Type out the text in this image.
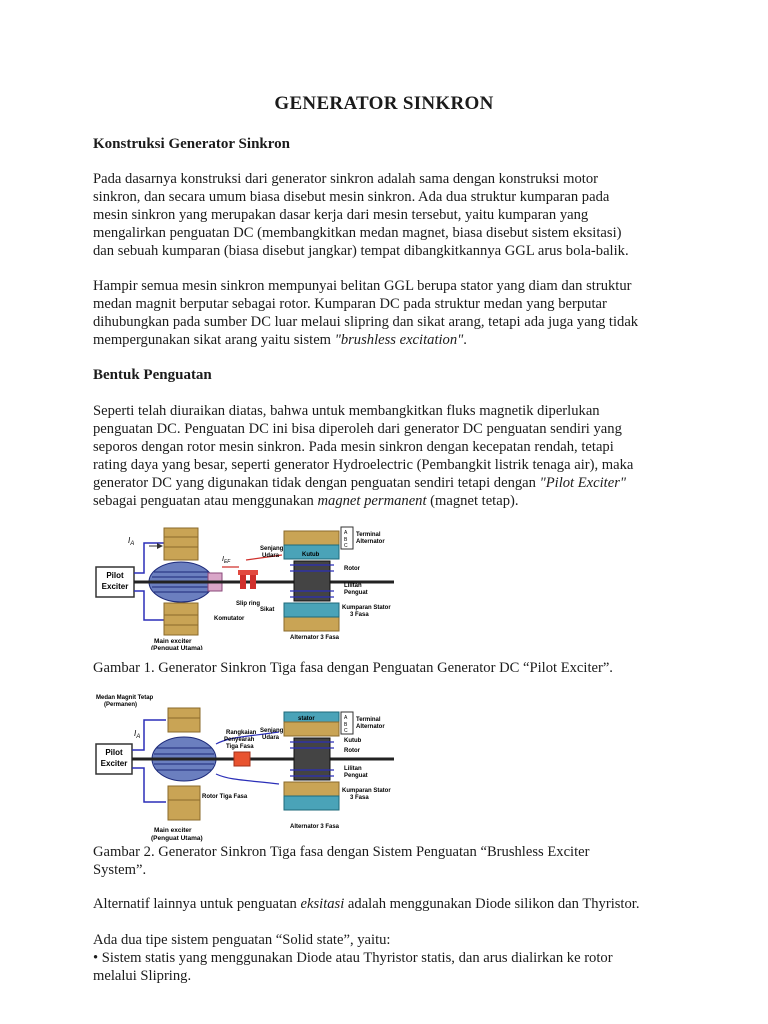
GENERATOR SINKRON
Konstruksi Generator Sinkron
Pada dasarnya konstruksi dari generator sinkron adalah sama dengan konstruksi motor
sinkron, dan secara umum biasa disebut mesin sinkron. Ada dua struktur kumparan pada
mesin sinkron yang merupakan dasar kerja dari mesin tersebut, yaitu kumparan yang
mengalirkan penguatan DC (membangkitkan medan magnet, biasa disebut sistem eksitasi)
dan sebuah kumparan (biasa disebut jangkar) tempat dibangkitkannya GGL arus bola-balik.
Hampir semua mesin sinkron mempunyai belitan GGL berupa stator yang diam dan struktur
medan magnit berputar sebagai rotor. Kumparan DC pada struktur medan yang berputar
dihubungkan pada sumber DC luar melaui slipring dan sikat arang, tetapi ada juga yang tidak
mempergunakan sikat arang yaitu sistem "brushless excitation".
Bentuk Penguatan
Seperti telah diuraikan diatas, bahwa untuk membangkitkan fluks magnetik diperlukan
penguatan DC. Penguatan DC ini bisa diperoleh dari generator DC penguatan sendiri yang
seporos dengan rotor mesin sinkron. Pada mesin sinkron dengan kecepatan rendah, tetapi
rating daya yang besar, seperti generator Hydroelectric (Pembangkit listrik tenaga air), maka
generator DC yang digunakan tidak dengan penguatan sendiri tetapi dengan "Pilot Exciter"
sebagai penguatan atau menggunakan magnet permanent (magnet tetap).
Pilot
Exciter
$I_A$
$I_{EF}$
A
B
C
Terminal
Alternator
Senjang
Udara	Kutub
Rotor
Lilitan
Penguat
Kumparan Stator
3 Fasa
Slip ring
Sikat
Komutator
Main exciter
(Penguat Utama)
Alternator 3 Fasa
Gambar 1. Generator Sinkron Tiga fasa dengan Penguatan Generator DC “Pilot Exciter”.
Medan Magnit Tetap
(Permanen)
Pilot
Exciter
$I_A$
Rangkaian
Penyearah
Tiga Fasa
Rotor Tiga Fasa
stator	A
B
C
Terminal
Alternator
Senjang
Udara	Kutub
Rotor
Lilitan
Penguat
Kumparan Stator
3 Fasa
Main exciter
(Penguat Utama)
Alternator 3 Fasa
Gambar 2. Generator Sinkron Tiga fasa dengan Sistem Penguatan “Brushless Exciter
System”.
Alternatif lainnya untuk penguatan eksitasi adalah menggunakan Diode silikon dan Thyristor.
Ada dua tipe sistem penguatan “Solid state”, yaitu:
• Sistem statis yang menggunakan Diode atau Thyristor statis, dan arus dialirkan ke rotor
melalui Slipring.
